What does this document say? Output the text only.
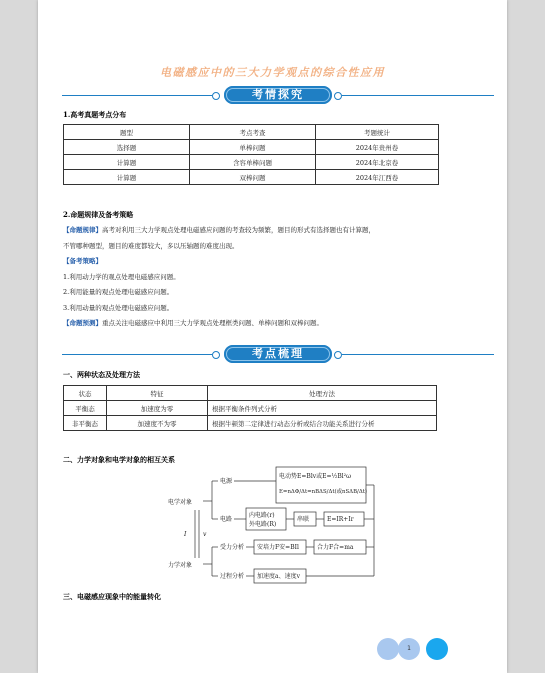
电磁感应中的三大力学观点的综合性应用
考情探究
1.高考真题考点分布
题型	考点考查	考题统计
选择题	单棒问题	2024年贵州卷
计算题	含容单棒问题	2024年北京卷
计算题	双棒问题	2024年江西卷
2.命题规律及备考策略
【命题规律】高考对利用三大力学观点处理电磁感应问题的考查较为频繁，题目的形式有选择题也有计算题，
不管哪种题型，题目的难度都较大，多以压轴题的难度出现。
【备考策略】
1.利用动力学的观点处理电磁感应问题。
2.利用能量的观点处理电磁感应问题。
3.利用动量的观点处理电磁感应问题。
【命题预测】重点关注电磁感应中利用三大力学观点处理框类问题、单棒问题和双棒问题。
考点梳理
一、两种状态及处理方法
状态	特征	处理方法
平衡态	加速度为零	根据平衡条件列式分析
非平衡态	加速度不为零	根据牛顿第二定律进行动态分析或结合功能关系进行分析
二、力学对象和电学对象的相互关系
电学对象
力学对象
I	v
电源
电路
电动势E=Blv或E=½Bl²ω
E=nΔΦ/Δt=nBΔS/Δt(或nSΔB/Δt)
内电路(r)
外电路(R)
串联	E=IR+Ir
受力分析
过程分析
安培力F安=BIl	合力F合=ma
加速度a、速度v
三、电磁感应现象中的能量转化
1
